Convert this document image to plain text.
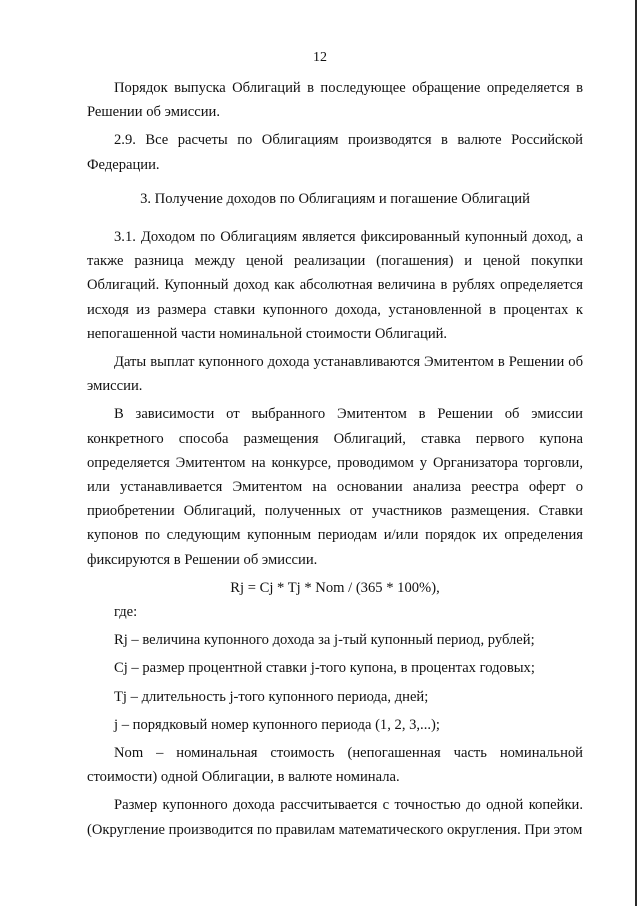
12

Порядок выпуска Облигаций в последующее обращение определяется в Решении об эмиссии.

2.9. Все расчеты по Облигациям производятся в валюте Российской Федерации.

3. Получение доходов по Облигациям и погашение Облигаций

3.1. Доходом по Облигациям является фиксированный купонный доход, а также разница между ценой реализации (погашения) и ценой покупки Облигаций. Купонный доход как абсолютная величина в рублях определяется исходя из размера ставки купонного дохода, установленной в процентах к непогашенной части номинальной стоимости Облигаций.

Даты выплат купонного дохода устанавливаются Эмитентом в Решении об эмиссии.

В зависимости от выбранного Эмитентом в Решении об эмиссии конкретного способа размещения Облигаций, ставка первого купона определяется Эмитентом на конкурсе, проводимом у Организатора торговли, или устанавливается Эмитентом на основании анализа реестра оферт о приобретении Облигаций, полученных от участников размещения. Ставки купонов по следующим купонным периодам и/или порядок их определения фиксируются в Решении об эмиссии.

Rj = Cj * Tj * Nom / (365 * 100%),

где:

Rj – величина купонного дохода за j-тый купонный период, рублей;

Cj – размер процентной ставки j-того купона, в процентах годовых;

Tj – длительность j-того купонного периода, дней;

j – порядковый номер купонного периода (1, 2, 3,...);

Nom – номинальная стоимость (непогашенная часть номинальной стоимости) одной Облигации, в валюте номинала.

Размер купонного дохода рассчитывается с точностью до одной копейки. (Округление производится по правилам математического округления. При этом
